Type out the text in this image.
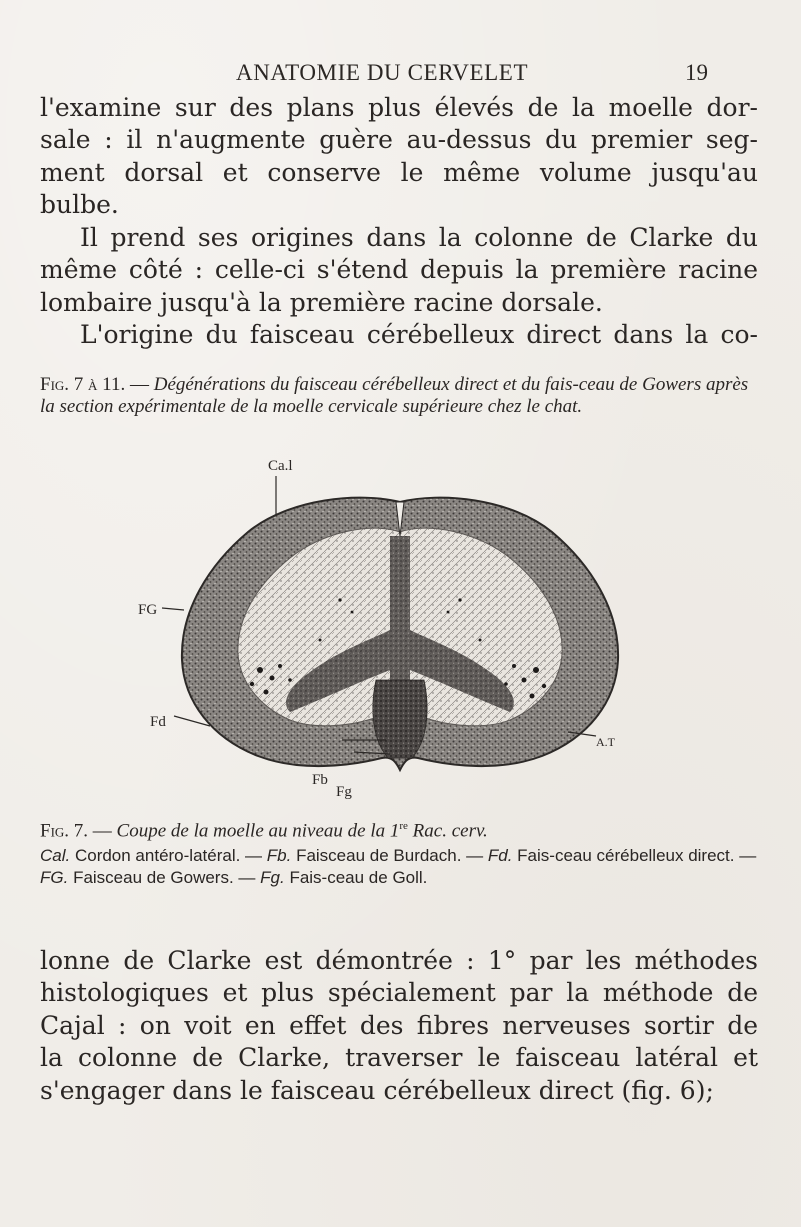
ANATOMIE DU CERVELET	19

l'examine sur des plans plus élevés de la moelle dor-
sale : il n'augmente guère au-dessus du premier seg-
ment dorsal et conserve le même volume jusqu'au
bulbe.

Il prend ses origines dans la colonne de Clarke du
même côté : celle-ci s'étend depuis la première racine
lombaire jusqu'à la première racine dorsale.

L'origine du faisceau cérébelleux direct dans la co-

Fig. 7 à 11. — Dégénérations du faisceau cérébelleux direct et du fais-ceau de Gowers après la section expérimentale de la moelle cervicale supérieure chez le chat.
Ca.l
FG
Fd
Fb
Fg
A.T
Fig. 7. — Coupe de la moelle au niveau de la 1re Rac. cerv.
Cal. Cordon antéro-latéral. — Fb. Faisceau de Burdach. — Fd. Fais-ceau cérébelleux direct. — FG. Faisceau de Gowers. — Fg. Fais-ceau de Goll.

lonne de Clarke est démontrée : 1° par les méthodes
histologiques et plus spécialement par la méthode de
Cajal : on voit en effet des fibres nerveuses sortir de
la colonne de Clarke, traverser le faisceau latéral et
s'engager dans le faisceau cérébelleux direct (fig. 6);
